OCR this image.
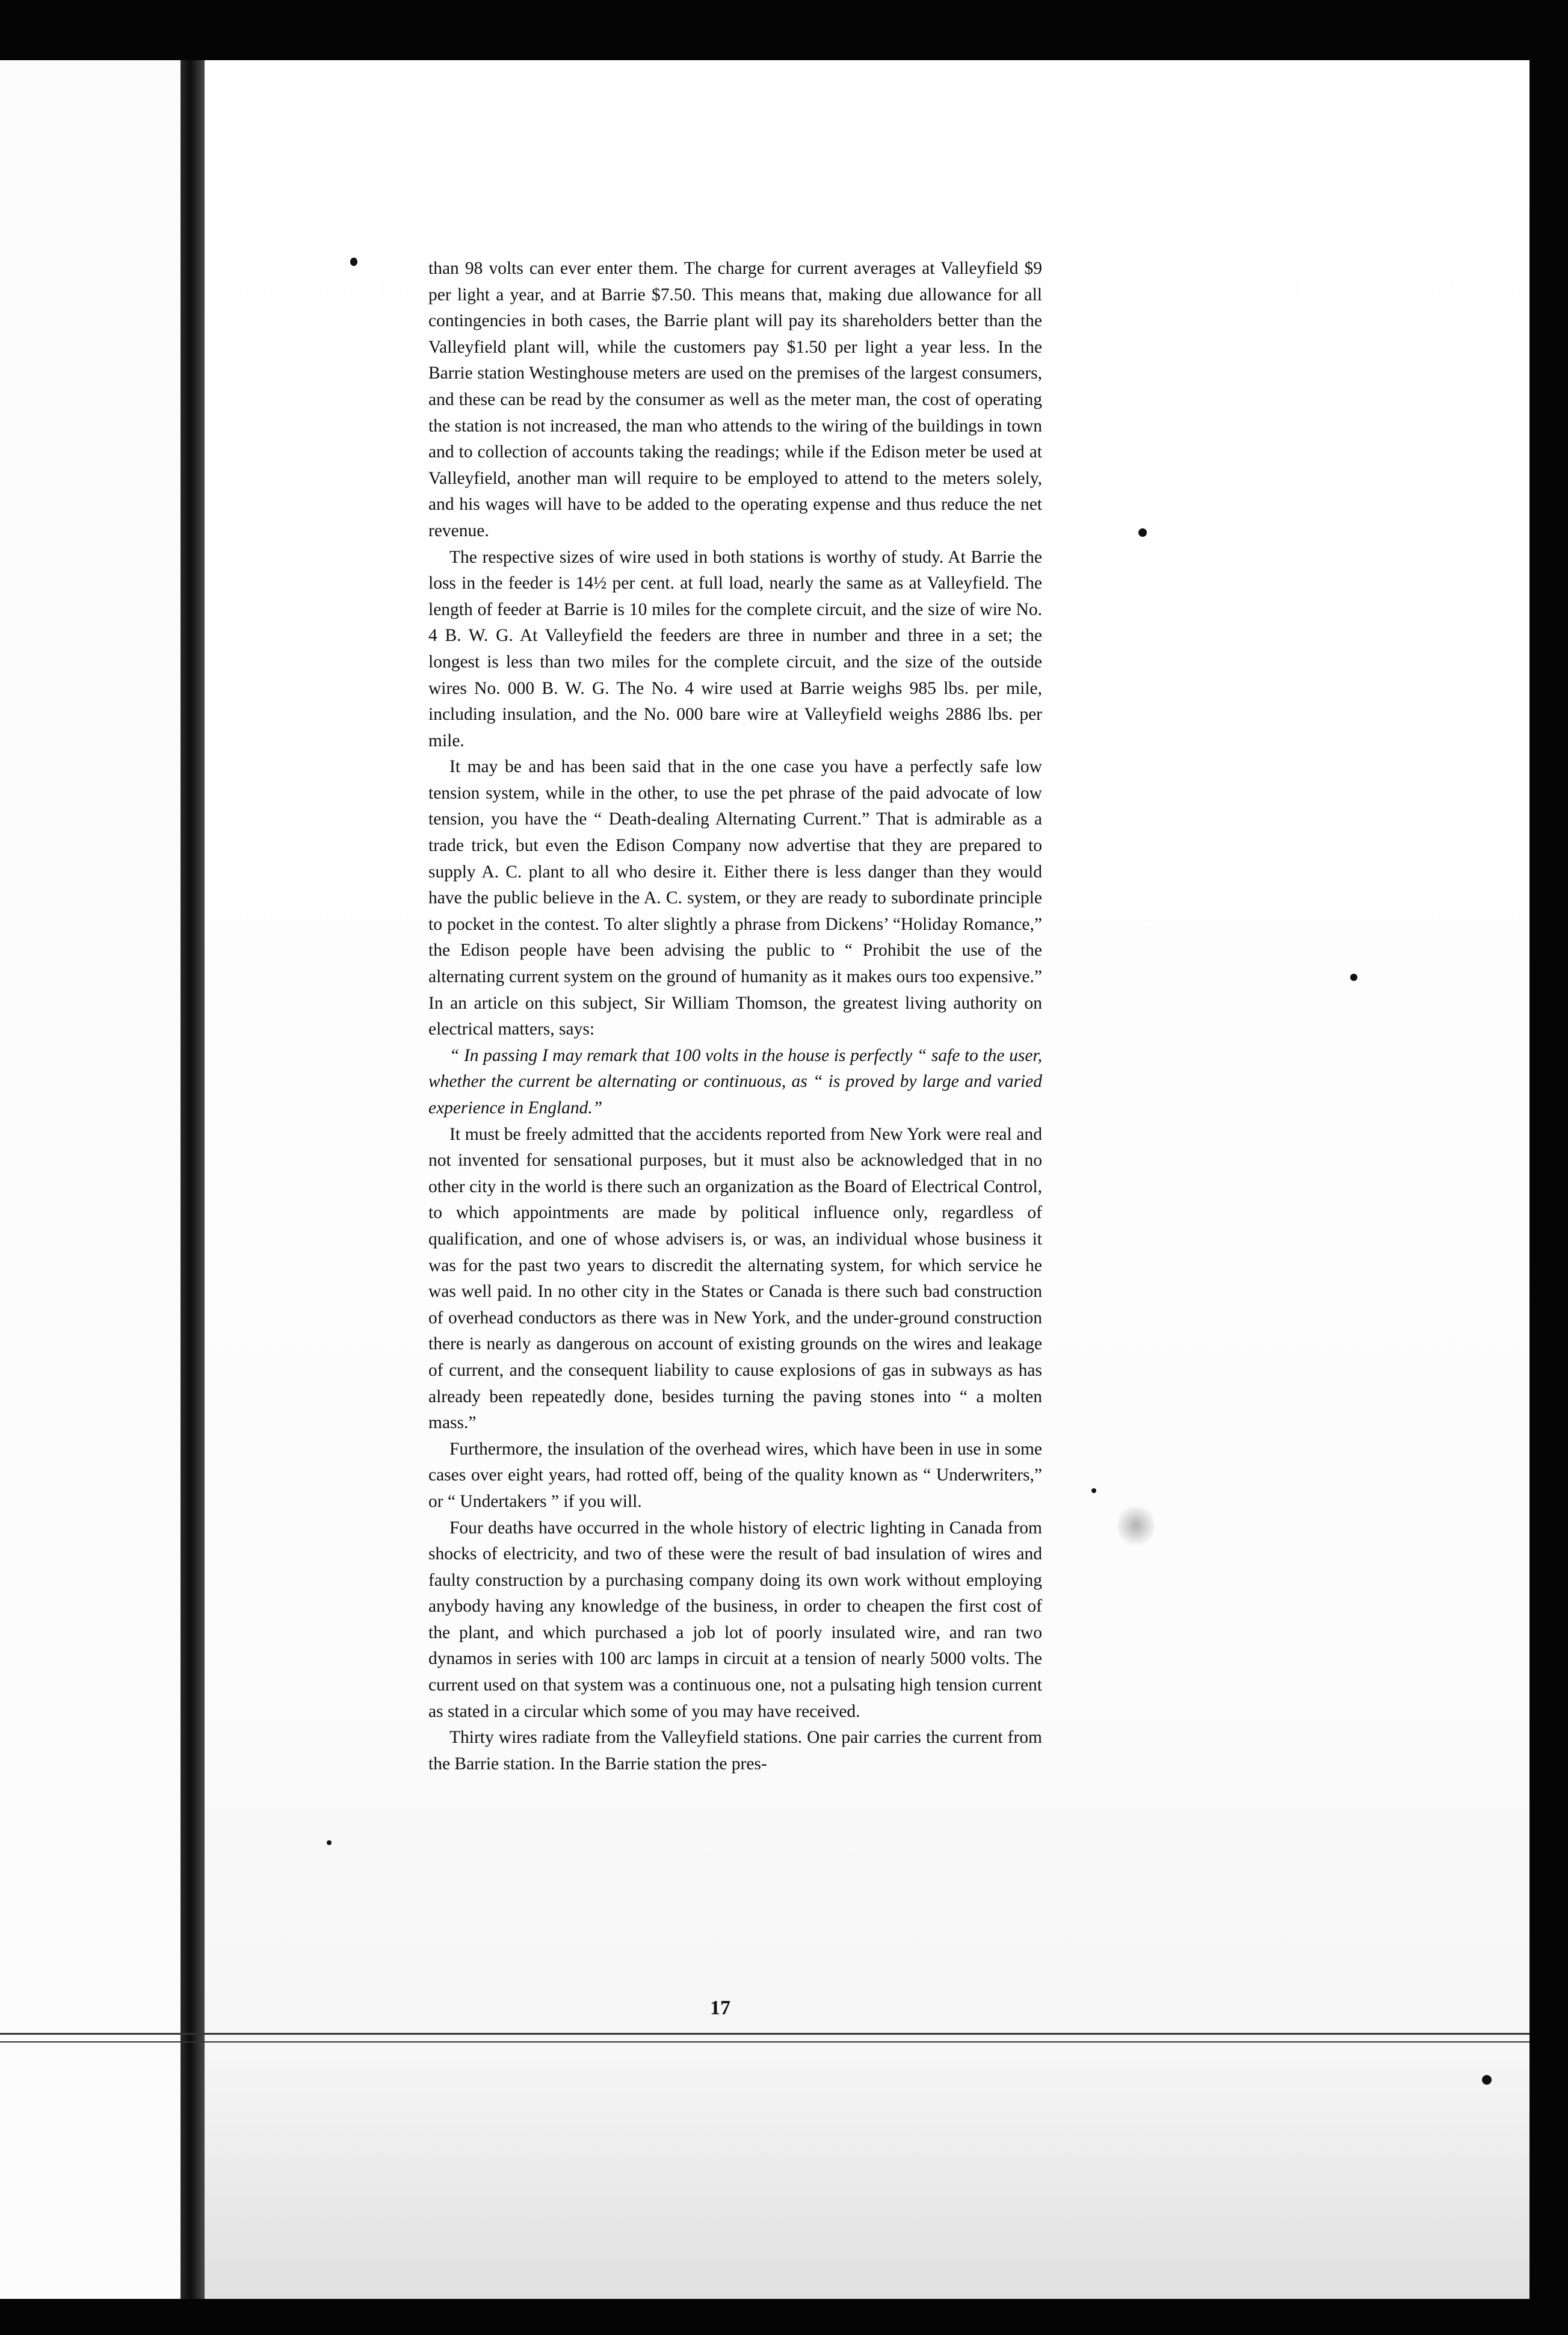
than 98 volts can ever enter them. The charge for current averages at Valleyfield $9 per light a year, and at Barrie $7.50. This means that, making due allowance for all contingencies in both cases, the Barrie plant will pay its shareholders better than the Valleyfield plant will, while the customers pay $1.50 per light a year less. In the Barrie station Westinghouse meters are used on the premises of the largest consumers, and these can be read by the consumer as well as the meter man, the cost of operating the station is not increased, the man who attends to the wiring of the buildings in town and to collection of accounts taking the readings; while if the Edison meter be used at Valleyfield, another man will require to be employed to attend to the meters solely, and his wages will have to be added to the operating expense and thus reduce the net revenue.

The respective sizes of wire used in both stations is worthy of study. At Barrie the loss in the feeder is 14½ per cent. at full load, nearly the same as at Valleyfield. The length of feeder at Barrie is 10 miles for the complete circuit, and the size of wire No. 4 B. W. G. At Valleyfield the feeders are three in number and three in a set; the longest is less than two miles for the complete circuit, and the size of the outside wires No. 000 B. W. G. The No. 4 wire used at Barrie weighs 985 lbs. per mile, including insulation, and the No. 000 bare wire at Valleyfield weighs 2886 lbs. per mile.

It may be and has been said that in the one case you have a perfectly safe low tension system, while in the other, to use the pet phrase of the paid advocate of low tension, you have the “ Death-dealing Alternating Current.” That is admirable as a trade trick, but even the Edison Company now advertise that they are prepared to supply A. C. plant to all who desire it. Either there is less danger than they would have the public believe in the A. C. system, or they are ready to subordinate principle to pocket in the contest. To alter slightly a phrase from Dickens’ “Holiday Romance,” the Edison people have been advising the public to “ Prohibit the use of the alternating current system on the ground of humanity as it makes ours too expensive.” In an article on this subject, Sir William Thomson, the greatest living authority on electrical matters, says:

“ In passing I may remark that 100 volts in the house is perfectly “ safe to the user, whether the current be alternating or continuous, as “ is proved by large and varied experience in England.”

It must be freely admitted that the accidents reported from New York were real and not invented for sensational purposes, but it must also be acknowledged that in no other city in the world is there such an organization as the Board of Electrical Control, to which appointments are made by political influence only, regardless of qualification, and one of whose advisers is, or was, an individual whose business it was for the past two years to discredit the alternating system, for which service he was well paid. In no other city in the States or Canada is there such bad construction of overhead conductors as there was in New York, and the under-ground construction there is nearly as dangerous on account of existing grounds on the wires and leakage of current, and the consequent liability to cause explosions of gas in subways as has already been repeatedly done, besides turning the paving stones into “ a molten mass.”

Furthermore, the insulation of the overhead wires, which have been in use in some cases over eight years, had rotted off, being of the quality known as “ Underwriters,” or “ Undertakers ” if you will.

Four deaths have occurred in the whole history of electric lighting in Canada from shocks of electricity, and two of these were the result of bad insulation of wires and faulty construction by a purchasing company doing its own work without employing anybody having any knowledge of the business, in order to cheapen the first cost of the plant, and which purchased a job lot of poorly insulated wire, and ran two dynamos in series with 100 arc lamps in circuit at a tension of nearly 5000 volts. The current used on that system was a continuous one, not a pulsating high tension current as stated in a circular which some of you may have received.

Thirty wires radiate from the Valleyfield stations. One pair carries the current from the Barrie station. In the Barrie station the pres-

17
